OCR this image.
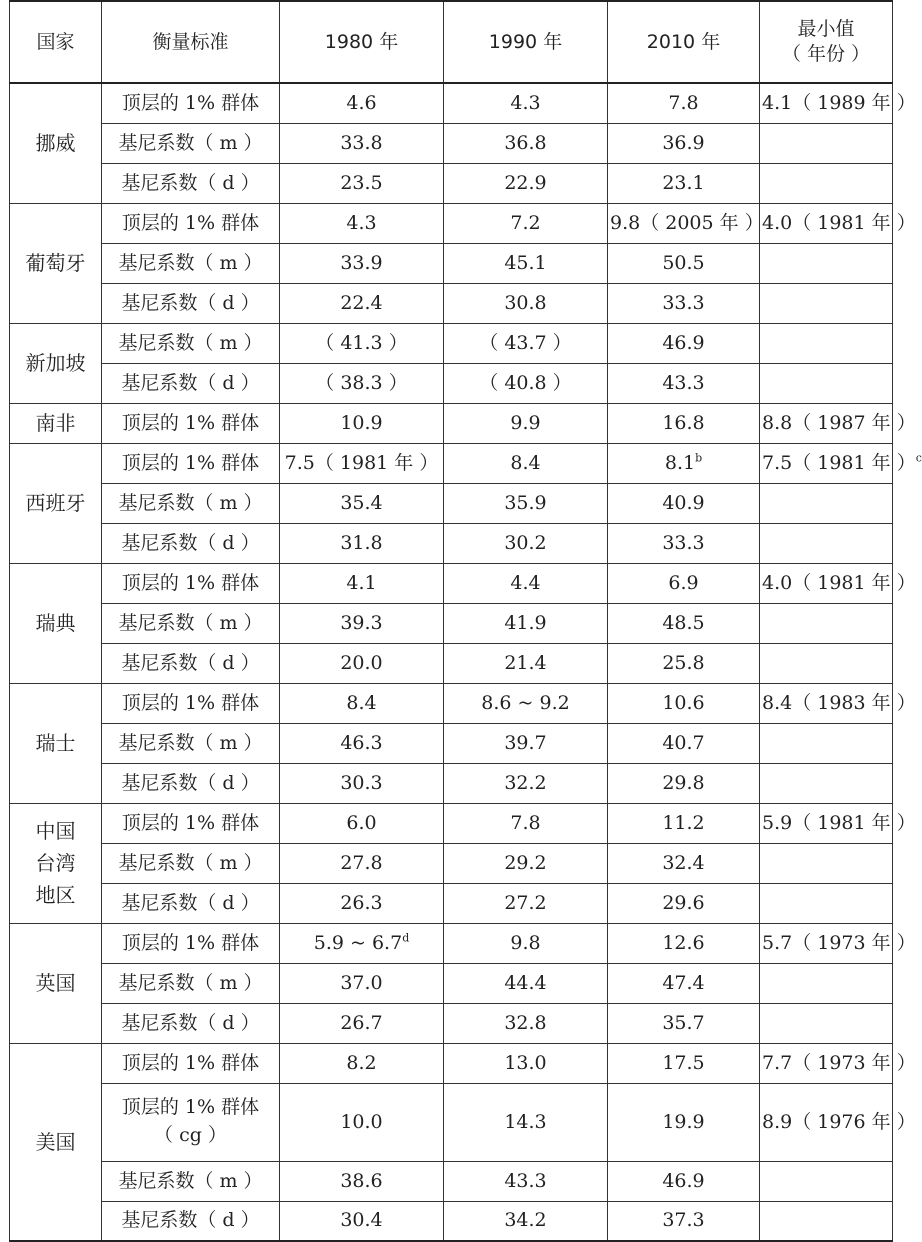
国家	衡量标准	1980 年	1990 年	2010 年	最小值
（ 年份 ）

挪威	顶层的 1% 群体	4.6	4.3	7.8	4.1（ 1989 年 ）
	基尼系数（ m ）	33.8	36.8	36.9	
	基尼系数（ d ）	23.5	22.9	23.1	
葡萄牙	顶层的 1% 群体	4.3	7.2	9.8（ 2005 年 ）	4.0（ 1981 年 ）
	基尼系数（ m ）	33.9	45.1	50.5	
	基尼系数（ d ）	22.4	30.8	33.3	
新加坡	基尼系数（ m ）	（ 41.3 ）	（ 43.7 ）	46.9	
	基尼系数（ d ）	（ 38.3 ）	（ 40.8 ）	43.3	
南非	顶层的 1% 群体	10.9	9.9	16.8	8.8（ 1987 年 ）
西班牙	顶层的 1% 群体	7.5（ 1981 年 ）	8.4	8.1$^b$	7.5（ 1981 年 ）$^c$
	基尼系数（ m ）	35.4	35.9	40.9	
	基尼系数（ d ）	31.8	30.2	33.3	
瑞典	顶层的 1% 群体	4.1	4.4	6.9	4.0（ 1981 年 ）
	基尼系数（ m ）	39.3	41.9	48.5	
	基尼系数（ d ）	20.0	21.4	25.8	
瑞士	顶层的 1% 群体	8.4	8.6 ~ 9.2	10.6	8.4（ 1983 年 ）
	基尼系数（ m ）	46.3	39.7	40.7	
	基尼系数（ d ）	30.3	32.2	29.8	

中国
台湾
地区	顶层的 1% 群体	6.0	7.8	11.2	5.9（ 1981 年 ）
	基尼系数（ m ）	27.8	29.2	32.4	
	基尼系数（ d ）	26.3	27.2	29.6	
英国	顶层的 1% 群体	5.9 ~ 6.7$^d$	9.8	12.6	5.7（ 1973 年 ）
	基尼系数（ m ）	37.0	44.4	47.4	
	基尼系数（ d ）	26.7	32.8	35.7	
美国	顶层的 1% 群体	8.2	13.0	17.5	7.7（ 1973 年 ）

	顶层的 1% 群体
（ cg ）	10.0	14.3	19.9	8.9（ 1976 年 ）
	基尼系数（ m ）	38.6	43.3	46.9	
	基尼系数（ d ）	30.4	34.2	37.3	
